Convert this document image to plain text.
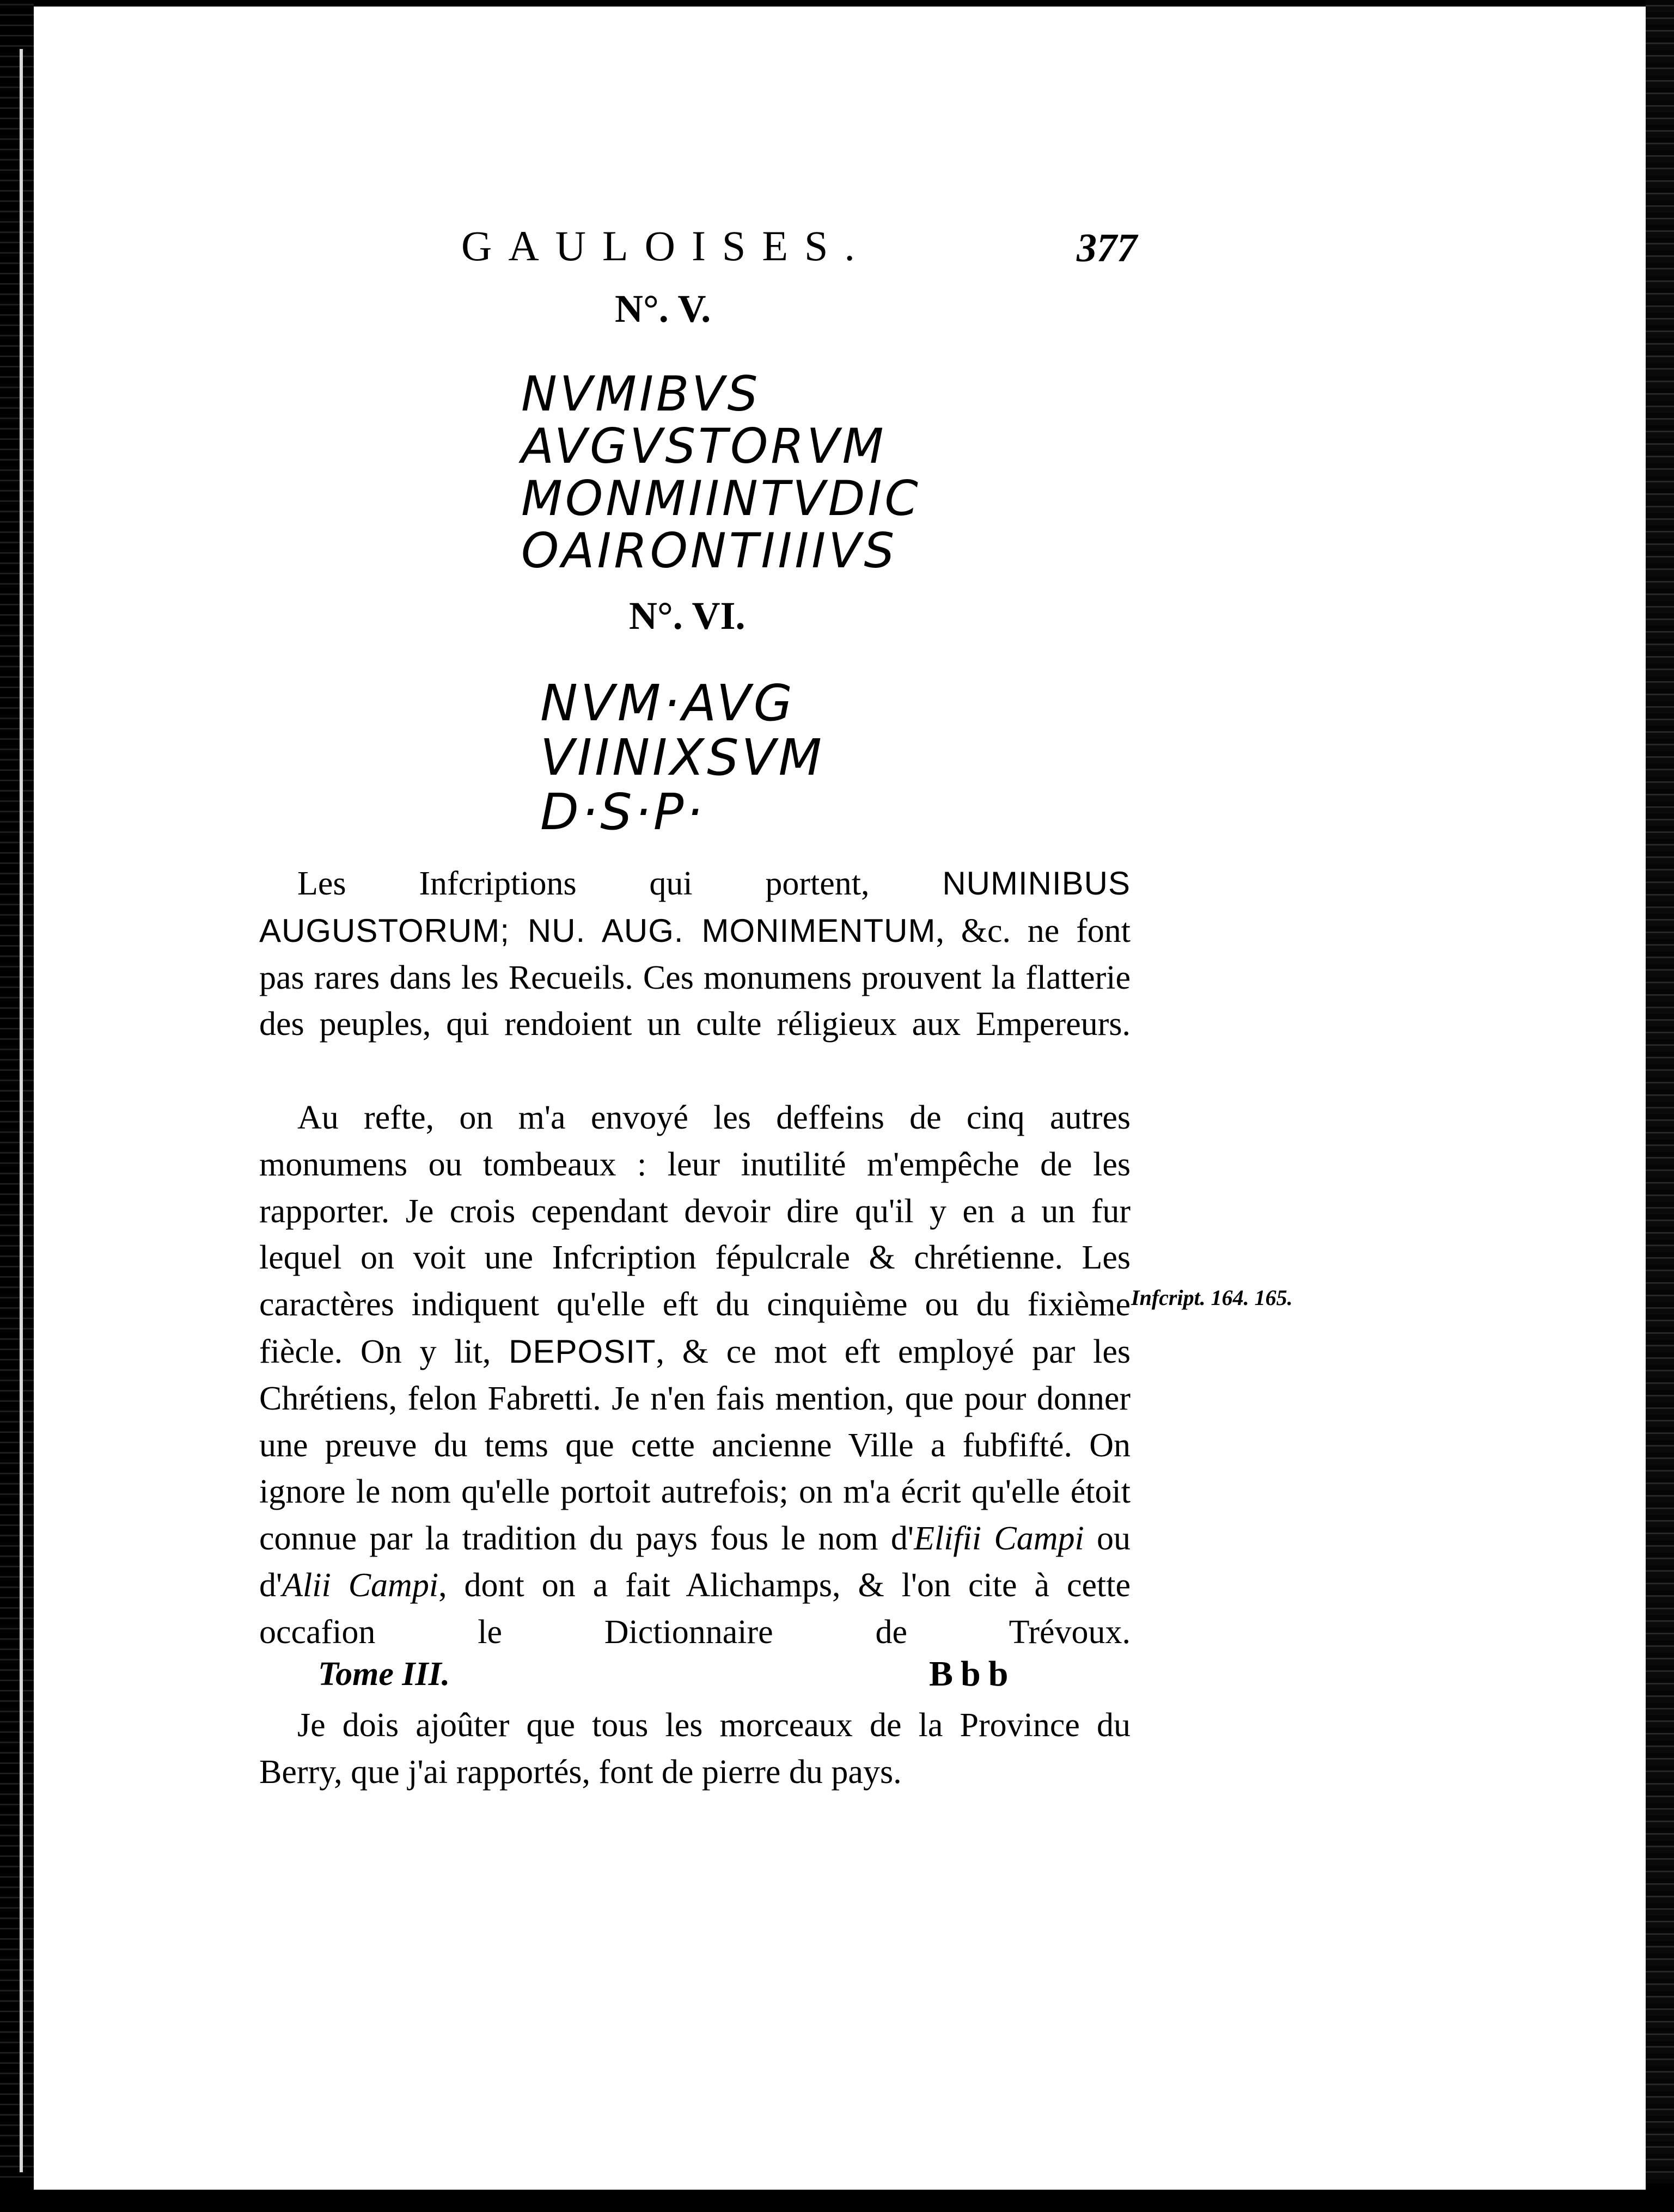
GAULOISES.	377
N°. V.
NVMIBVS
AVGVSTORVM
MONMIINTVDIC
OAIRONTIIIIVS
N°. VI.
NVM·AVG
VIINIXSVM
D·S·P·

Les Infcriptions qui portent, NUMINIBUS AUGUSTORUM; NU. AUG. MONIMENTUM, &c. ne font pas rares dans les Recueils. Ces monumens prouvent la flatterie des peuples, qui rendoient un culte réligieux aux Empereurs.

Au refte, on m'a envoyé les deffeins de cinq autres monumens ou tombeaux : leur inutilité m'empêche de les rapporter. Je crois cependant devoir dire qu'il y en a un fur lequel on voit une Infcription fépulcrale & chrétienne. Les caractères indiquent qu'elle eft du cinquième ou du fixième fiècle. On y lit, DEPOSIT, & ce mot eft employé par les Chrétiens, felon Fabretti. Je n'en fais mention, que pour donner une preuve du tems que cette ancienne Ville a fubfifté. On ignore le nom qu'elle portoit autrefois; on m'a écrit qu'elle étoit connue par la tradition du pays fous le nom d'Elifii Campi ou d'Alii Campi, dont on a fait Alichamps, & l'on cite à cette occafion le Dictionnaire de Trévoux.

Je dois ajoûter que tous les morceaux de la Province du Berry, que j'ai rapportés, font de pierre du pays.

Infcript. 164. 165.
Tome III.	Bbb
